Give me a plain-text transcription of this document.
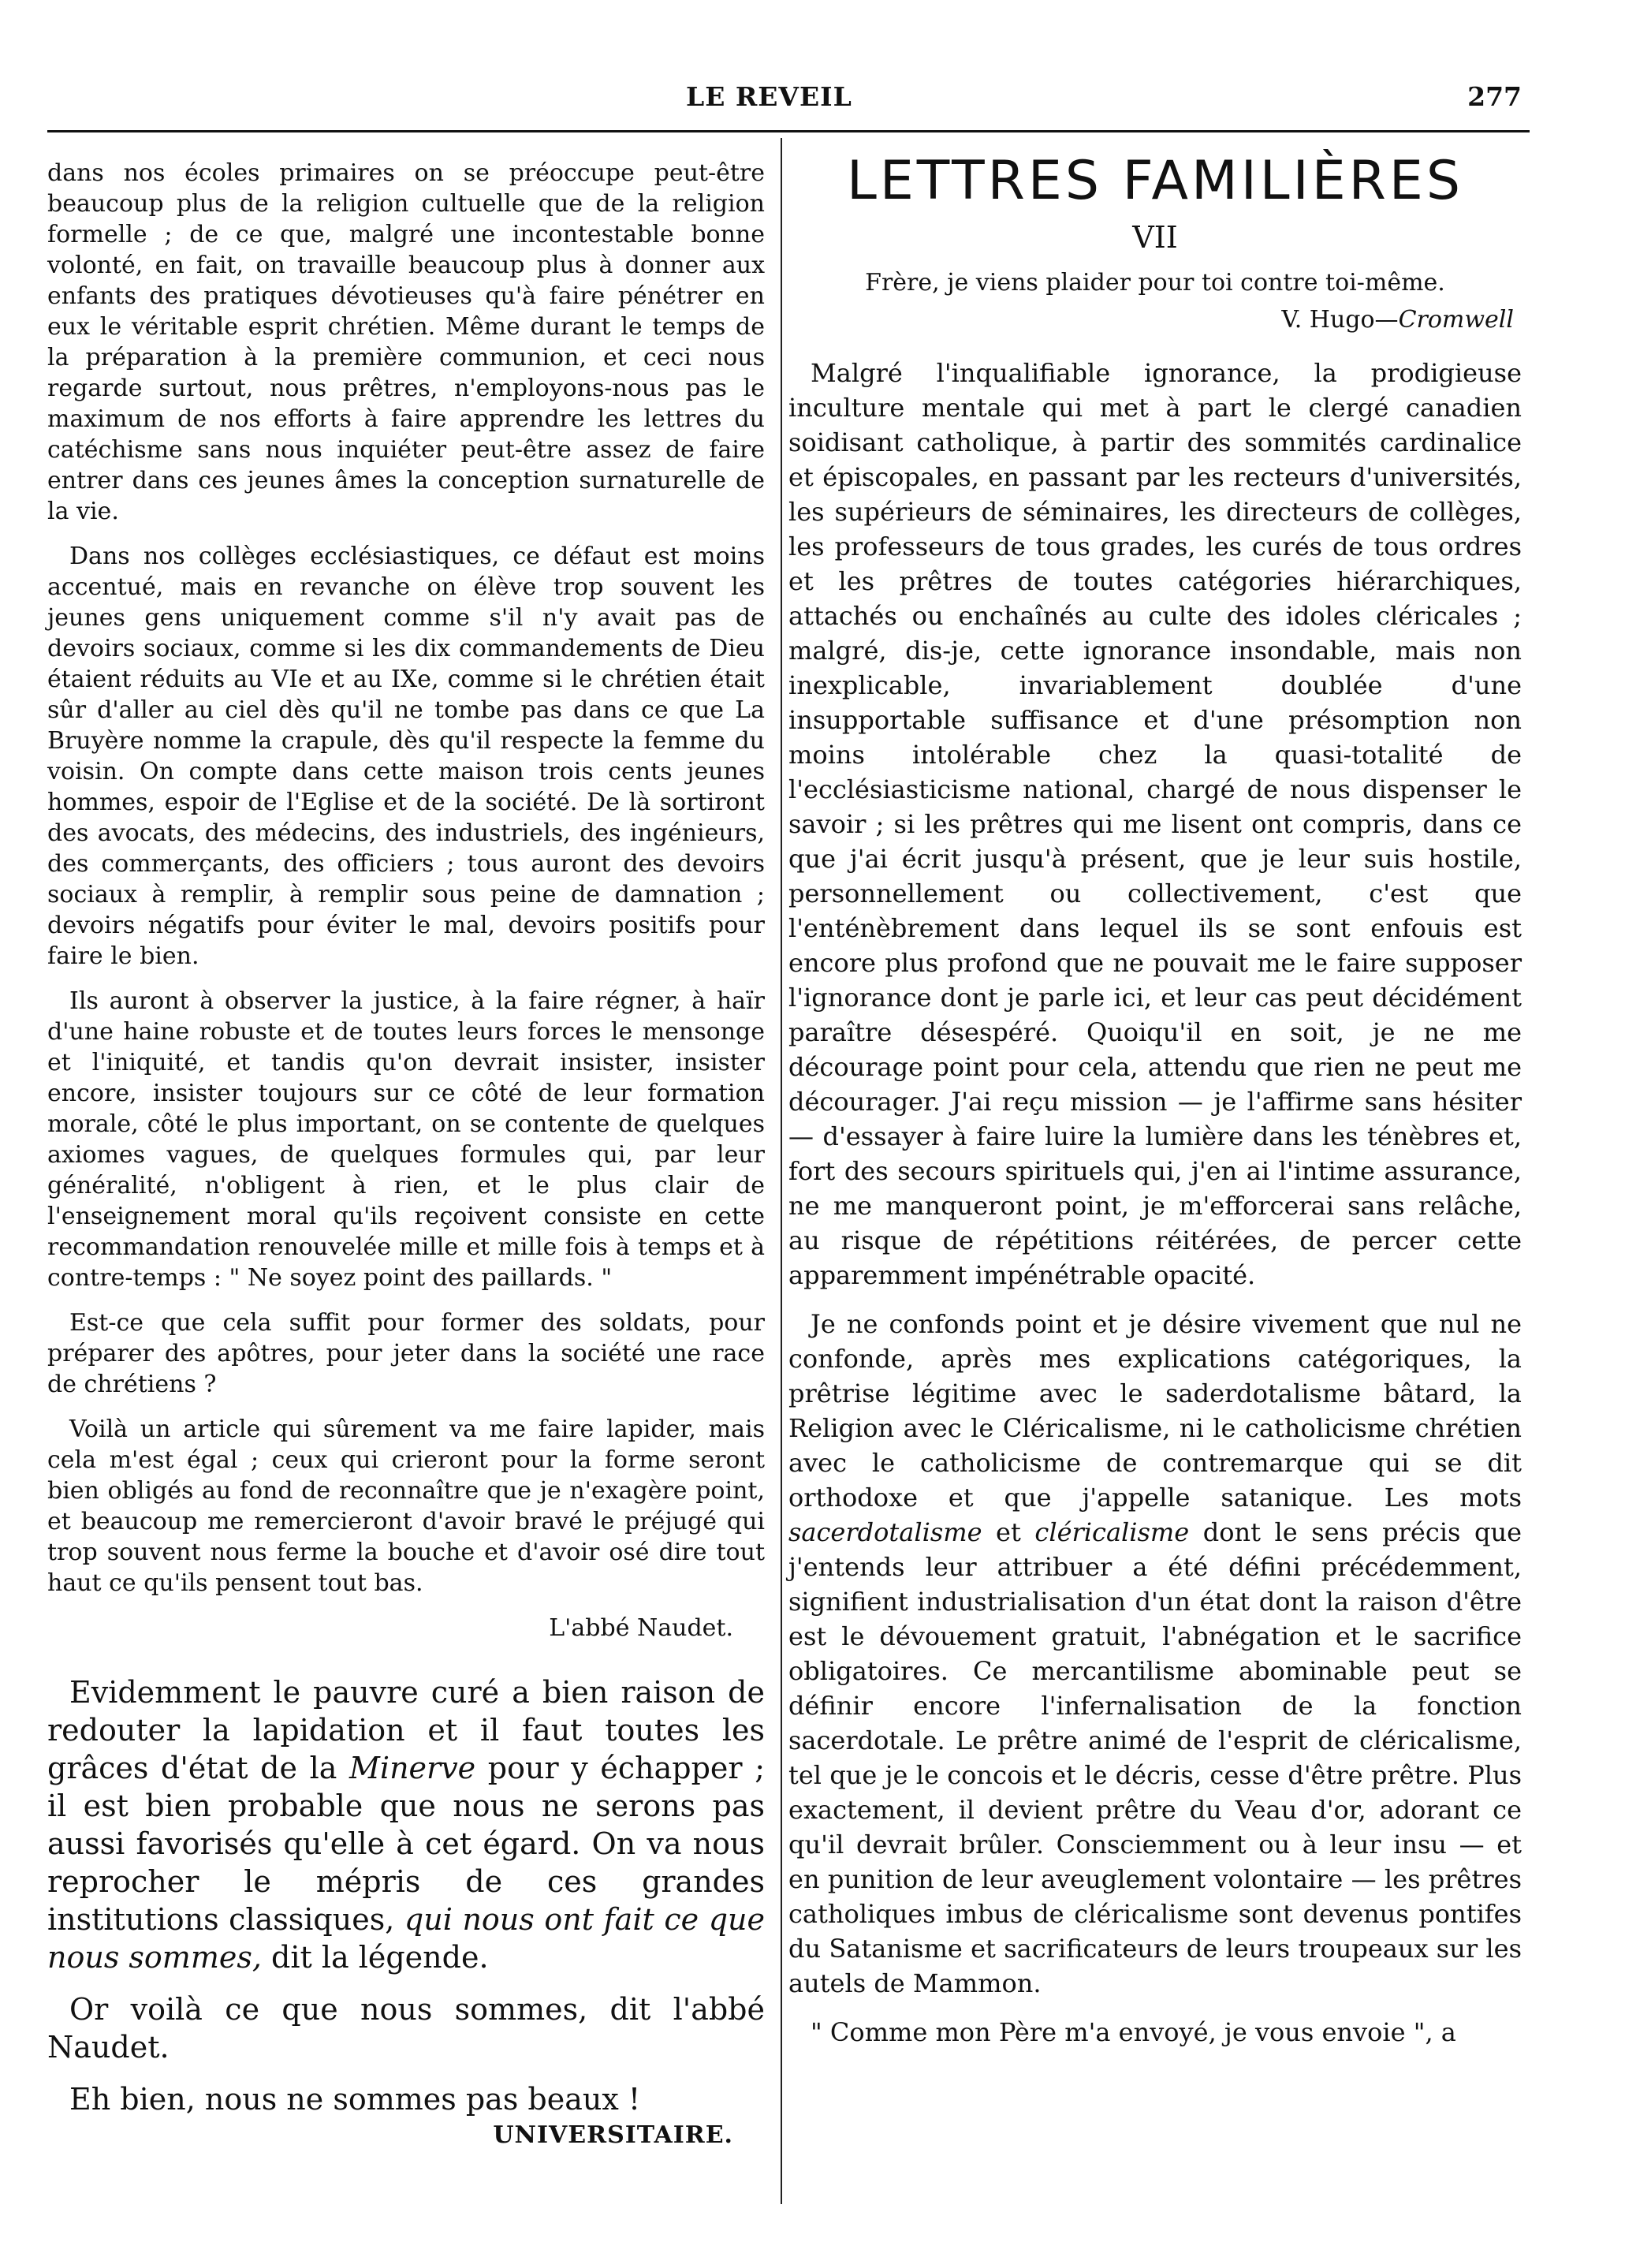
LE REVEIL	277

dans nos écoles primaires on se préoccupe peut-être beaucoup plus de la religion cultuelle que de la religion formelle ; de ce que, malgré une incontestable bonne volonté, en fait, on travaille beaucoup plus à donner aux enfants des pratiques dévotieuses qu'à faire pénétrer en eux le véritable esprit chrétien. Même durant le temps de la préparation à la première communion, et ceci nous regarde surtout, nous prêtres, n'employons-nous pas le maximum de nos efforts à faire apprendre les lettres du catéchisme sans nous inquiéter peut-être assez de faire entrer dans ces jeunes âmes la conception surnaturelle de la vie.

Dans nos collèges ecclésiastiques, ce défaut est moins accentué, mais en revanche on élève trop souvent les jeunes gens uniquement comme s'il n'y avait pas de devoirs sociaux, comme si les dix commandements de Dieu étaient réduits au VIe et au IXe, comme si le chrétien était sûr d'aller au ciel dès qu'il ne tombe pas dans ce que La Bruyère nomme la crapule, dès qu'il respecte la femme du voisin. On compte dans cette maison trois cents jeunes hommes, espoir de l'Eglise et de la société. De là sortiront des avocats, des médecins, des industriels, des ingénieurs, des commerçants, des officiers ; tous auront des devoirs sociaux à remplir, à remplir sous peine de damnation ; devoirs négatifs pour éviter le mal, devoirs positifs pour faire le bien.

Ils auront à observer la justice, à la faire régner, à haïr d'une haine robuste et de toutes leurs forces le mensonge et l'iniquité, et tandis qu'on devrait insister, insister encore, insister toujours sur ce côté de leur formation morale, côté le plus important, on se contente de quelques axiomes vagues, de quelques formules qui, par leur généralité, n'obligent à rien, et le plus clair de l'enseignement moral qu'ils reçoivent consiste en cette recommandation renouvelée mille et mille fois à temps et à contre-temps : " Ne soyez point des paillards. "

Est-ce que cela suffit pour former des soldats, pour préparer des apôtres, pour jeter dans la société une race de chrétiens ?

Voilà un article qui sûrement va me faire lapider, mais cela m'est égal ; ceux qui crieront pour la forme seront bien obligés au fond de reconnaître que je n'exagère point, et beaucoup me remercieront d'avoir bravé le préjugé qui trop souvent nous ferme la bouche et d'avoir osé dire tout haut ce qu'ils pensent tout bas.

L'abbé Naudet.

Evidemment le pauvre curé a bien raison de redouter la lapidation et il faut toutes les grâces d'état de la Minerve pour y échapper ; il est bien probable que nous ne serons pas aussi favorisés qu'elle à cet égard. On va nous reprocher le mépris de ces grandes institutions classiques, qui nous ont fait ce que nous sommes, dit la légende.

Or voilà ce que nous sommes, dit l'abbé Naudet.

Eh bien, nous ne sommes pas beaux !

UNIVERSITAIRE.
LETTRES FAMILIÈRES
VII
Frère, je viens plaider pour toi contre toi-même.
V. Hugo—Cromwell

Malgré l'inqualifiable ignorance, la prodigieuse inculture mentale qui met à part le clergé canadien soidisant catholique, à partir des sommités cardinalice et épiscopales, en passant par les recteurs d'universités, les supérieurs de séminaires, les directeurs de collèges, les professeurs de tous grades, les curés de tous ordres et les prêtres de toutes catégories hiérarchiques, attachés ou enchaînés au culte des idoles cléricales ; malgré, dis-je, cette ignorance insondable, mais non inexplicable, invariablement doublée d'une insupportable suffisance et d'une présomption non moins intolérable chez la quasi-totalité de l'ecclésiasticisme national, chargé de nous dispenser le savoir ; si les prêtres qui me lisent ont compris, dans ce que j'ai écrit jusqu'à présent, que je leur suis hostile, personnellement ou collectivement, c'est que l'enténèbrement dans lequel ils se sont enfouis est encore plus profond que ne pouvait me le faire supposer l'ignorance dont je parle ici, et leur cas peut décidément paraître désespéré. Quoiqu'il en soit, je ne me décourage point pour cela, attendu que rien ne peut me décourager. J'ai reçu mission — je l'affirme sans hésiter — d'essayer à faire luire la lumière dans les ténèbres et, fort des secours spirituels qui, j'en ai l'intime assurance, ne me manqueront point, je m'efforcerai sans relâche, au risque de répétitions réitérées, de percer cette apparemment impénétrable opacité.

Je ne confonds point et je désire vivement que nul ne confonde, après mes explications catégoriques, la prêtrise légitime avec le saderdotalisme bâtard, la Religion avec le Cléricalisme, ni le catholicisme chrétien avec le catholicisme de contremarque qui se dit orthodoxe et que j'appelle satanique. Les mots sacerdotalisme et cléricalisme dont le sens précis que j'entends leur attribuer a été défini précédemment, signifient industrialisation d'un état dont la raison d'être est le dévouement gratuit, l'abnégation et le sacrifice obligatoires. Ce mercantilisme abominable peut se définir encore l'infernalisation de la fonction sacerdotale. Le prêtre animé de l'esprit de cléricalisme, tel que je le concois et le décris, cesse d'être prêtre. Plus exactement, il devient prêtre du Veau d'or, adorant ce qu'il devrait brûler. Consciemment ou à leur insu — et en punition de leur aveuglement volontaire — les prêtres catholiques imbus de cléricalisme sont devenus pontifes du Satanisme et sacrificateurs de leurs troupeaux sur les autels de Mammon.

" Comme mon Père m'a envoyé, je vous envoie ", a
